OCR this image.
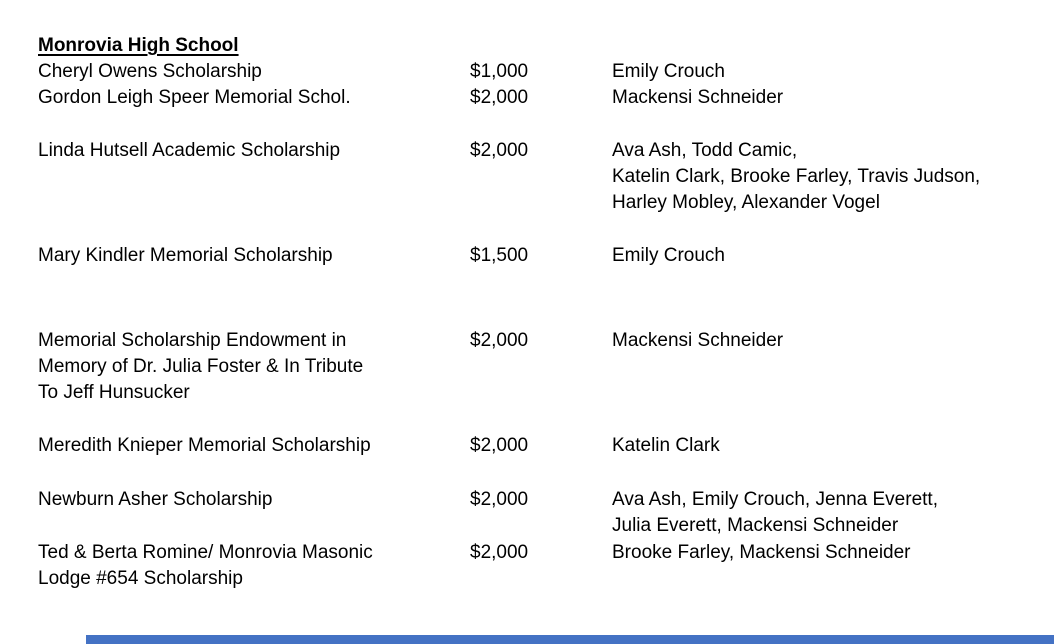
Monrovia High School
Cheryl Owens Scholarship	$1,000	Emily Crouch
Gordon Leigh Speer Memorial Schol.	$2,000	Mackensi Schneider
Linda Hutsell Academic Scholarship	$2,000	Ava Ash, Todd Camic,
Katelin Clark, Brooke Farley, Travis Judson,
Harley Mobley, Alexander Vogel
Mary Kindler Memorial Scholarship	$1,500	Emily Crouch
Memorial Scholarship Endowment in	$2,000	Mackensi Schneider
Memory of Dr. Julia Foster & In Tribute
To Jeff Hunsucker
Meredith Knieper Memorial Scholarship	$2,000	Katelin Clark
Newburn Asher Scholarship	$2,000	Ava Ash, Emily Crouch, Jenna Everett,
Julia Everett, Mackensi Schneider
Ted & Berta Romine/ Monrovia Masonic	$2,000	Brooke Farley, Mackensi Schneider
Lodge #654 Scholarship
